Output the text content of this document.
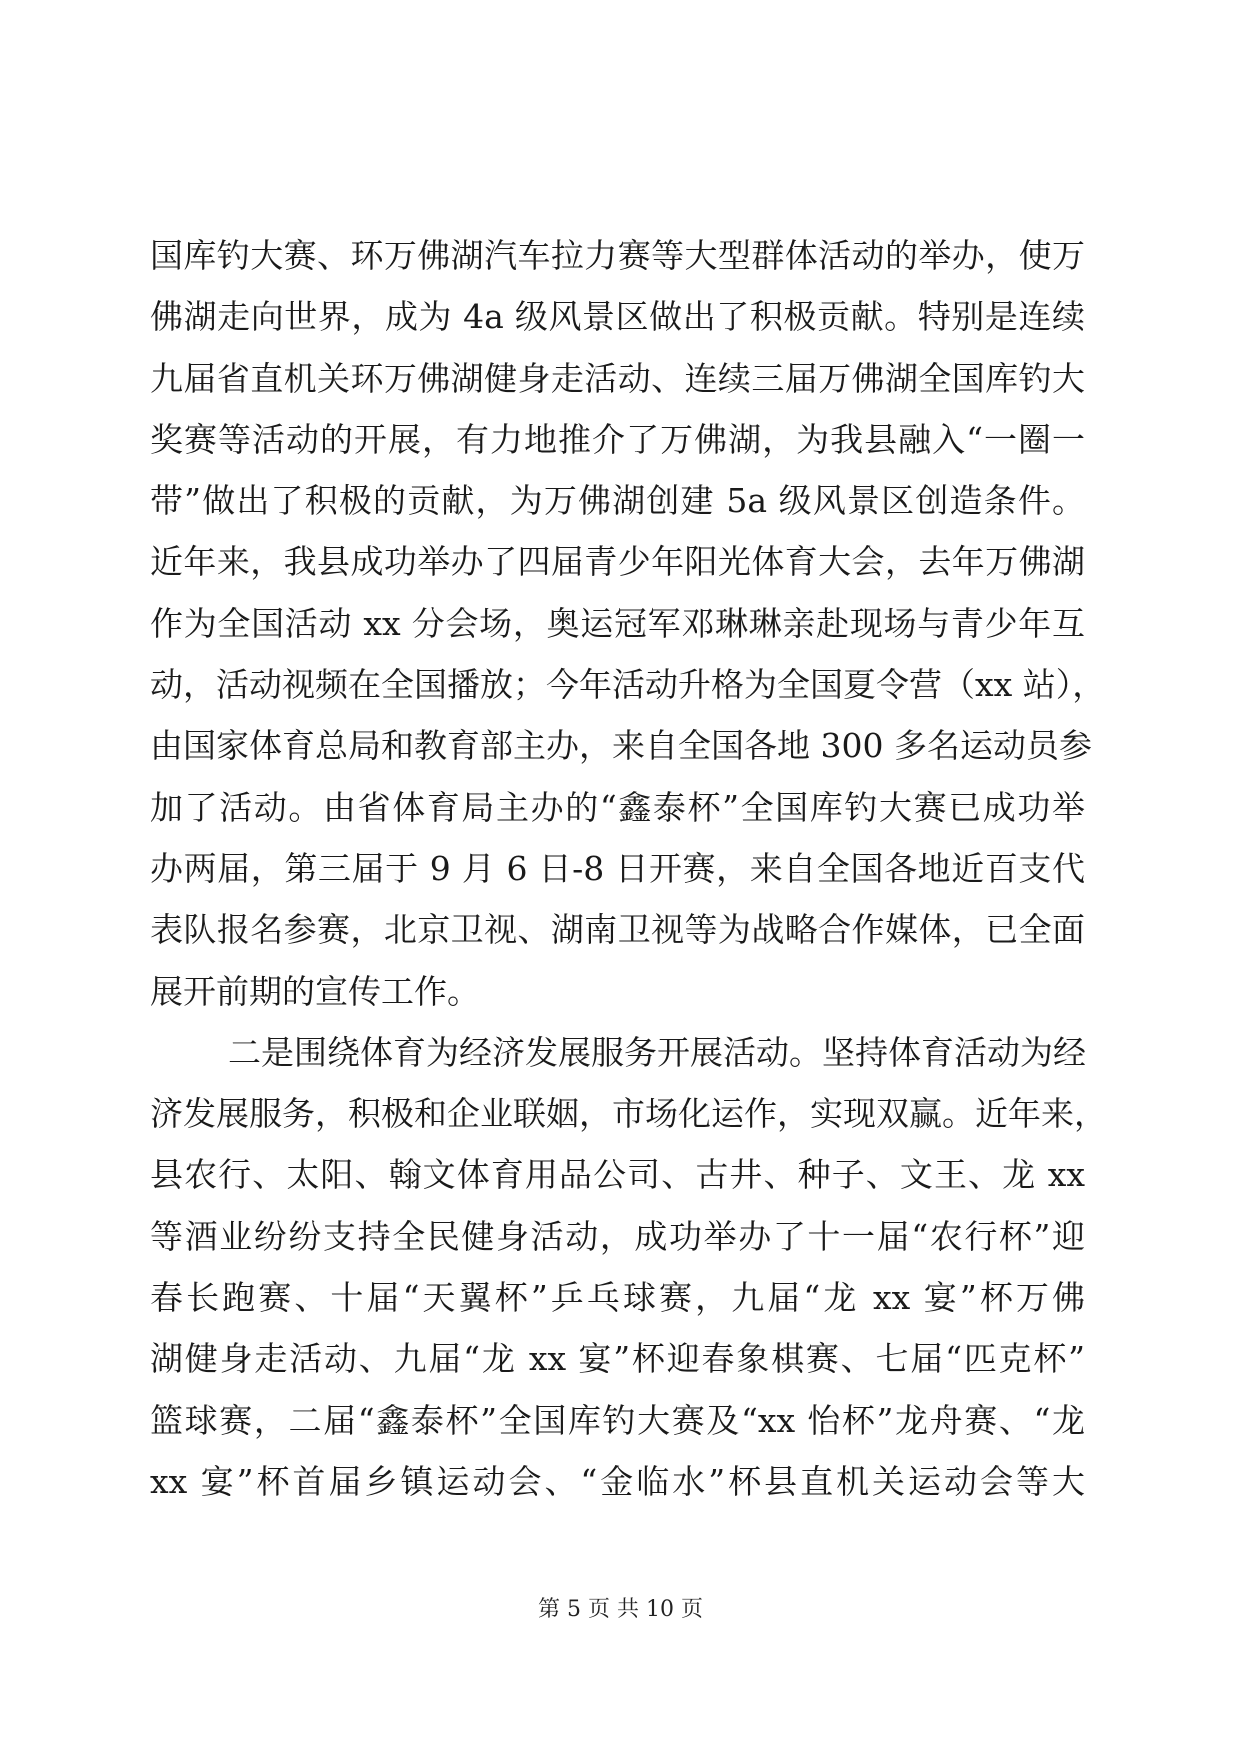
国库钓大赛、环万佛湖汽车拉力赛等大型群体活动的举办，使万
佛湖走向世界，成为 4a 级风景区做出了积极贡献。特别是连续
九届省直机关环万佛湖健身走活动、连续三届万佛湖全国库钓大
奖赛等活动的开展，有力地推介了万佛湖，为我县融入“一圈一
带”做出了积极的贡献，为万佛湖创建 5a 级风景区创造条件。
近年来，我县成功举办了四届青少年阳光体育大会，去年万佛湖
作为全国活动 xx 分会场，奥运冠军邓琳琳亲赴现场与青少年互
动，活动视频在全国播放；今年活动升格为全国夏令营（xx 站），
由国家体育总局和教育部主办，来自全国各地 300 多名运动员参
加了活动。由省体育局主办的“鑫泰杯”全国库钓大赛已成功举
办两届，第三届于 9 月 6 日-8 日开赛，来自全国各地近百支代
表队报名参赛，北京卫视、湖南卫视等为战略合作媒体，已全面
展开前期的宣传工作。
二是围绕体育为经济发展服务开展活动。坚持体育活动为经
济发展服务，积极和企业联姻，市场化运作，实现双赢。近年来，
县农行、太阳、翰文体育用品公司、古井、种子、文王、龙 xx
等酒业纷纷支持全民健身活动，成功举办了十一届“农行杯”迎
春长跑赛、十届“天翼杯”乒乓球赛，九届“龙 xx 宴”杯万佛
湖健身走活动、九届“龙 xx 宴”杯迎春象棋赛、七届“匹克杯”
篮球赛，二届“鑫泰杯”全国库钓大赛及“xx 怡杯”龙舟赛、“龙
xx 宴”杯首届乡镇运动会、“金临水”杯县直机关运动会等大
第 5 页 共 10 页
